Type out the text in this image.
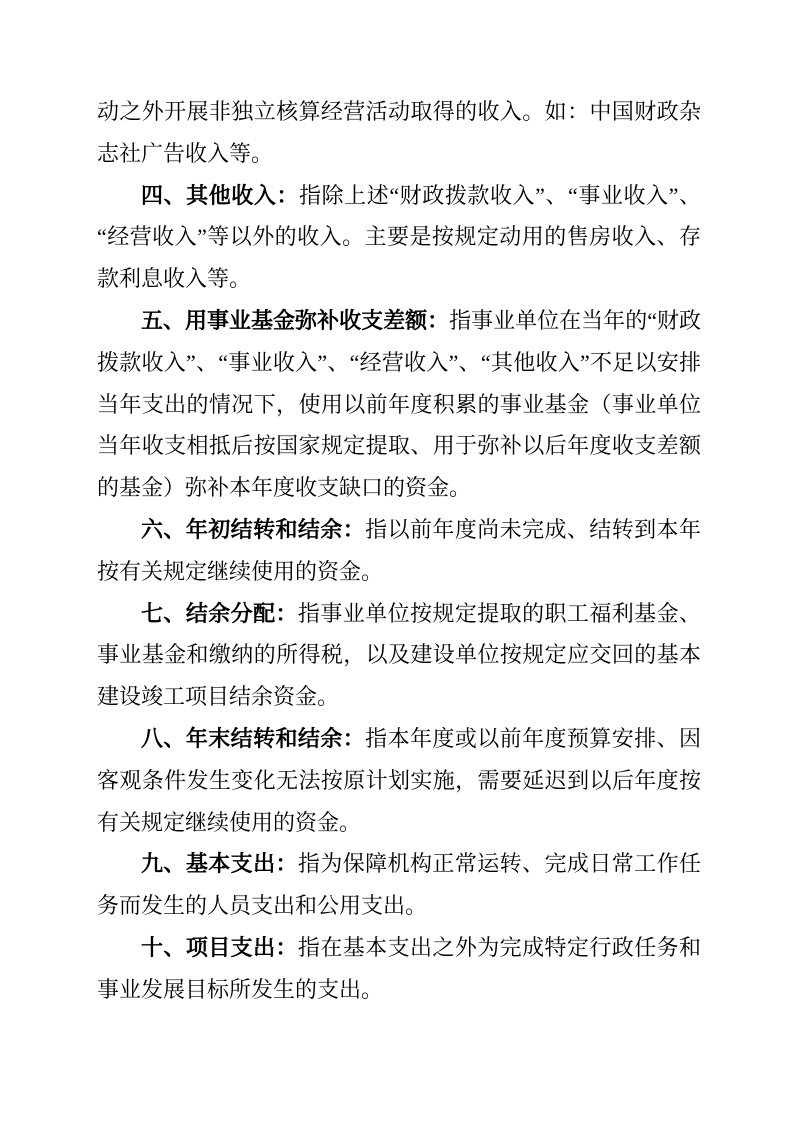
动之外开展非独立核算经营活动取得的收入。如：中国财政杂志社广告收入等。

四、其他收入：指除上述“财政拨款收入”、“事业收入”、“经营收入”等以外的收入。主要是按规定动用的售房收入、存款利息收入等。

五、用事业基金弥补收支差额：指事业单位在当年的“财政拨款收入”、“事业收入”、“经营收入”、“其他收入”不足以安排当年支出的情况下，使用以前年度积累的事业基金（事业单位当年收支相抵后按国家规定提取、用于弥补以后年度收支差额的基金）弥补本年度收支缺口的资金。

六、年初结转和结余：指以前年度尚未完成、结转到本年按有关规定继续使用的资金。

七、结余分配：指事业单位按规定提取的职工福利基金、事业基金和缴纳的所得税，以及建设单位按规定应交回的基本建设竣工项目结余资金。

八、年末结转和结余：指本年度或以前年度预算安排、因客观条件发生变化无法按原计划实施，需要延迟到以后年度按有关规定继续使用的资金。

九、基本支出：指为保障机构正常运转、完成日常工作任务而发生的人员支出和公用支出。

十、项目支出：指在基本支出之外为完成特定行政任务和事业发展目标所发生的支出。
